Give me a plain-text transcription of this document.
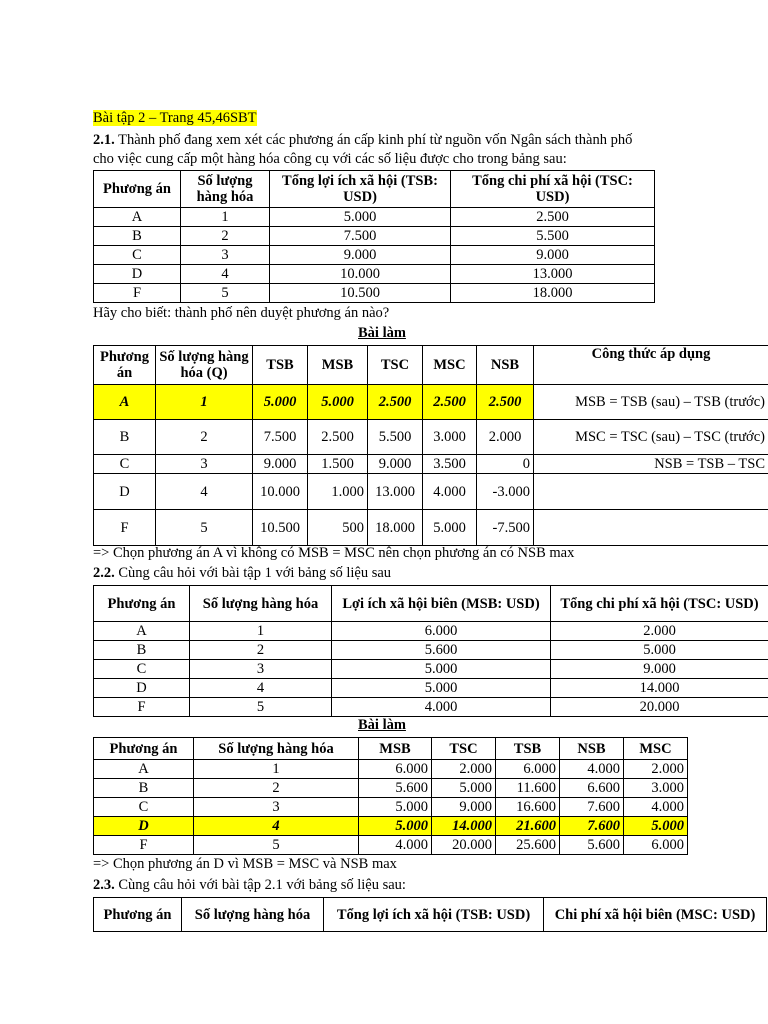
Bài tập 2 – Trang 45,46SBT
2.1. Thành phố đang xem xét các phương án cấp kinh phí từ nguồn vốn Ngân sách thành phố
cho việc cung cấp một hàng hóa công cụ với các số liệu được cho trong bảng sau:
Phương án	Số lượng hàng hóa	Tổng lợi ích xã hội (TSB: USD)	Tổng chi phí xã hội (TSC: USD)
A	1	5.000	2.500
B	2	7.500	5.500
C	3	9.000	9.000
D	4	10.000	13.000
F	5	10.500	18.000
Hãy cho biết: thành phố nên duyệt phương án nào?
Bài làm
Phương án	Số lượng hàng hóa (Q)	TSB	MSB	TSC	MSC	NSB	Công thức áp dụng
A	1	5.000	5.000	2.500	2.500	2.500	MSB = TSB (sau) – TSB (trước)
B	2	7.500	2.500	5.500	3.000	2.000	MSC = TSC (sau) – TSC (trước)
C	3	9.000	1.500	9.000	3.500	0	NSB = TSB – TSC
D	4	10.000	1.000	13.000	4.000	-3.000	
F	5	10.500	500	18.000	5.000	-7.500	
=> Chọn phương án A vì không có MSB = MSC nên chọn phương án có NSB max
2.2. Cùng câu hỏi với bài tập 1 với bảng số liệu sau
Phương án	Số lượng hàng hóa	Lợi ích xã hội biên (MSB: USD)	Tổng chi phí xã hội (TSC: USD)
A	1	6.000	2.000
B	2	5.600	5.000
C	3	5.000	9.000
D	4	5.000	14.000
F	5	4.000	20.000
Bài làm
Phương án	Số lượng hàng hóa	MSB	TSC	TSB	NSB	MSC
A	1	6.000	2.000	6.000	4.000	2.000
B	2	5.600	5.000	11.600	6.600	3.000
C	3	5.000	9.000	16.600	7.600	4.000
D	4	5.000	14.000	21.600	7.600	5.000
F	5	4.000	20.000	25.600	5.600	6.000
=> Chọn phương án D vì MSB = MSC và NSB max
2.3. Cùng câu hỏi với bài tập 2.1 với bảng số liệu sau:
Phương án	Số lượng hàng hóa	Tổng lợi ích xã hội (TSB: USD)	Chi phí xã hội biên (MSC: USD)
